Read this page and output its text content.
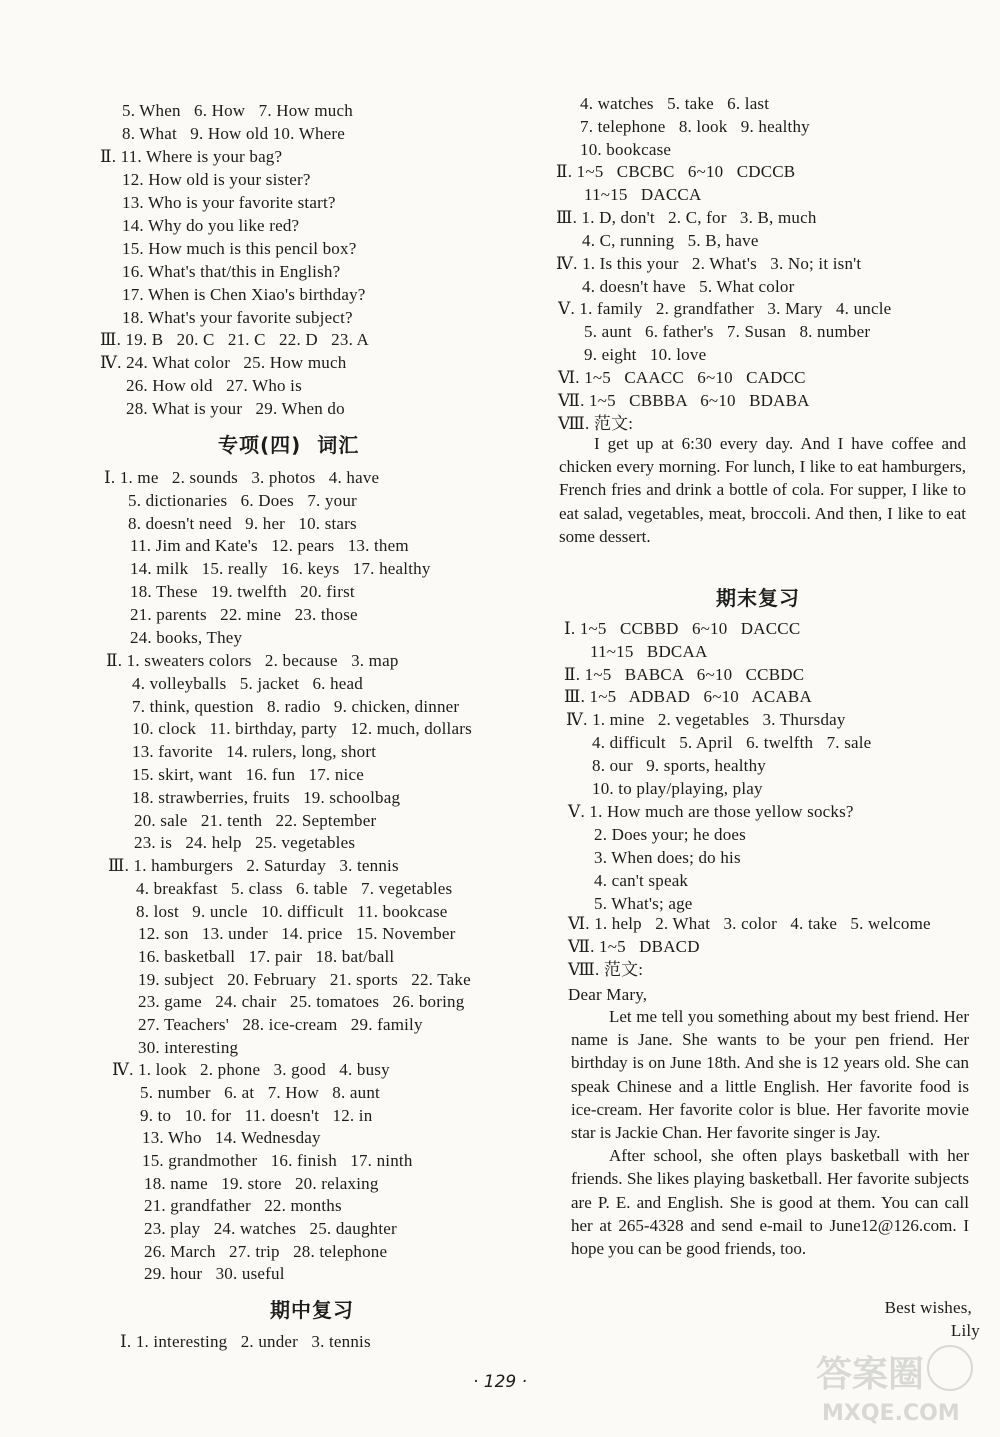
5. When   6. How   7. How much
8. What   9. How old 10. Where
Ⅱ. 11. Where is your bag?
12. How old is your sister?
13. Who is your favorite start?
14. Why do you like red?
15. How much is this pencil box?
16. What's that/this in English?
17. When is Chen Xiao's birthday?
18. What's your favorite subject?
Ⅲ. 19. B   20. C   21. C   22. D   23. A
Ⅳ. 24. What color   25. How much
26. How old   27. Who is
28. What is your   29. When do
专项(四)  词汇
Ⅰ. 1. me   2. sounds   3. photos   4. have
5. dictionaries   6. Does   7. your
8. doesn't need   9. her   10. stars
11. Jim and Kate's   12. pears   13. them
14. milk   15. really   16. keys   17. healthy
18. These   19. twelfth   20. first
21. parents   22. mine   23. those
24. books, They
Ⅱ. 1. sweaters colors   2. because   3. map
4. volleyballs   5. jacket   6. head
7. think, question   8. radio   9. chicken, dinner
10. clock   11. birthday, party   12. much, dollars
13. favorite   14. rulers, long, short
15. skirt, want   16. fun   17. nice
18. strawberries, fruits   19. schoolbag
20. sale   21. tenth   22. September
23. is   24. help   25. vegetables
Ⅲ. 1. hamburgers   2. Saturday   3. tennis
4. breakfast   5. class   6. table   7. vegetables
8. lost   9. uncle   10. difficult   11. bookcase
12. son   13. under   14. price   15. November
16. basketball   17. pair   18. bat/ball
19. subject   20. February   21. sports   22. Take
23. game   24. chair   25. tomatoes   26. boring
27. Teachers'   28. ice-cream   29. family
30. interesting
Ⅳ. 1. look   2. phone   3. good   4. busy
5. number   6. at   7. How   8. aunt
9. to   10. for   11. doesn't   12. in
13. Who   14. Wednesday
15. grandmother   16. finish   17. ninth
18. name   19. store   20. relaxing
21. grandfather   22. months
23. play   24. watches   25. daughter
26. March   27. trip   28. telephone
29. hour   30. useful
期中复习
Ⅰ. 1. interesting   2. under   3. tennis
4. watches   5. take   6. last
7. telephone   8. look   9. healthy
10. bookcase
Ⅱ. 1~5   CBCBC   6~10   CDCCB
11~15   DACCA
Ⅲ. 1. D, don't   2. C, for   3. B, much
4. C, running   5. B, have
Ⅳ. 1. Is this your   2. What's   3. No; it isn't
4. doesn't have   5. What color
Ⅴ. 1. family   2. grandfather   3. Mary   4. uncle
5. aunt   6. father's   7. Susan   8. number
9. eight   10. love
Ⅵ. 1~5   CAACC   6~10   CADCC
Ⅶ. 1~5   CBBBA   6~10   BDABA
Ⅷ. 范文:
I get up at 6:30 every day. And I have coffee and chicken every morning. For lunch, I like to eat hamburgers, French fries and drink a bottle of cola. For supper, I like to eat salad, vegetables, meat, broccoli. And then, I like to eat some dessert.
期末复习
Ⅰ. 1~5   CCBBD   6~10   DACCC
11~15   BDCAA
Ⅱ. 1~5   BABCA   6~10   CCBDC
Ⅲ. 1~5   ADBAD   6~10   ACABA
Ⅳ. 1. mine   2. vegetables   3. Thursday
4. difficult   5. April   6. twelfth   7. sale
8. our   9. sports, healthy
10. to play/playing, play
Ⅴ. 1. How much are those yellow socks?
2. Does your; he does
3. When does; do his
4. can't speak
5. What's; age
Ⅵ. 1. help   2. What   3. color   4. take   5. welcome
Ⅶ. 1~5   DBACD
Ⅷ. 范文:
Dear Mary,

Let me tell you something about my best friend. Her name is Jane. She wants to be your pen friend. Her birthday is on June 18th. And she is 12 years old. She can speak Chinese and a little English. Her favorite food is ice-cream. Her favorite color is blue. Her favorite movie star is Jackie Chan. Her favorite singer is Jay.

After school, she often plays basketball with her friends. She likes playing basketball. Her favorite subjects are P. E. and English. She is good at them. You can call her at 265-4328 and send e-mail to June12@126.com. I hope you can be good friends, too.

Best wishes,
Lily
· 129 ·	答案圈
MXQE.COM
